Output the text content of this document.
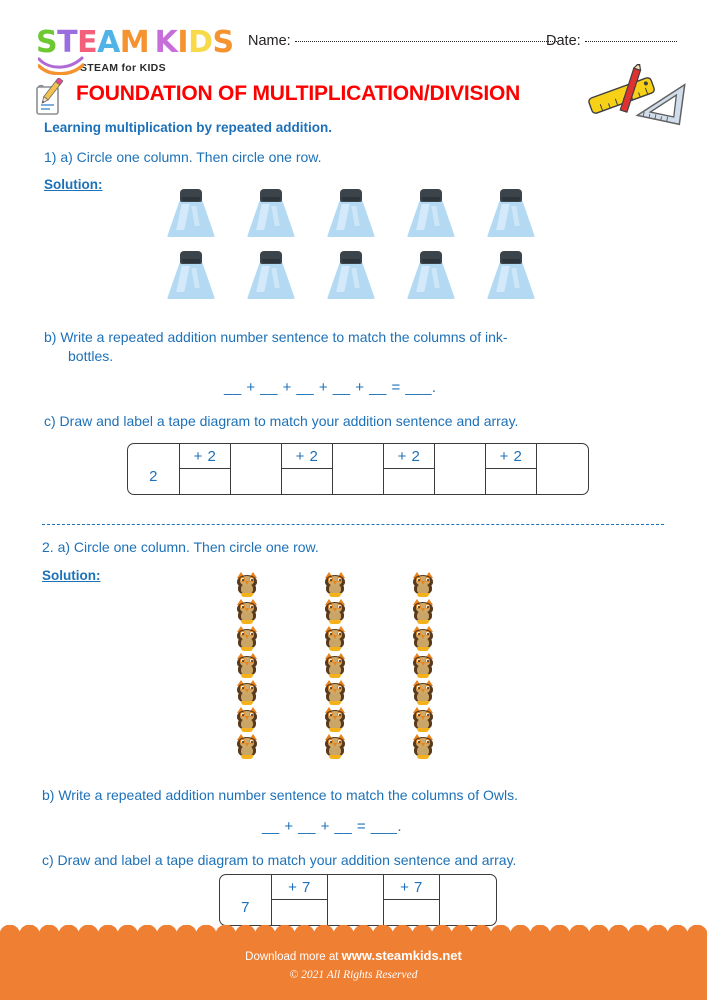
STEAM  KIDS
STEAM for KIDS
Name:	Date:
FOUNDATION OF MULTIPLICATION/DIVISION
Learning multiplication by repeated addition.
1) a) Circle one column. Then circle one row.
Solution:
b) Write a repeated addition number sentence to match the columns of ink-
bottles.
__ + __ + __ + __ + __ = ___.
c) Draw and label a tape diagram to match your addition sentence and array.
2
+ 2	+ 2	+ 2	+ 2
2. a) Circle one column. Then circle one row.
Solution:
b) Write a repeated addition number sentence to match the columns of Owls.
__ + __ + __ = ___.
c) Draw and label a tape diagram to match your addition sentence and array.
7
+ 7	+ 7
Download more at www.steamkids.net
© 2021 All Rights Reserved
